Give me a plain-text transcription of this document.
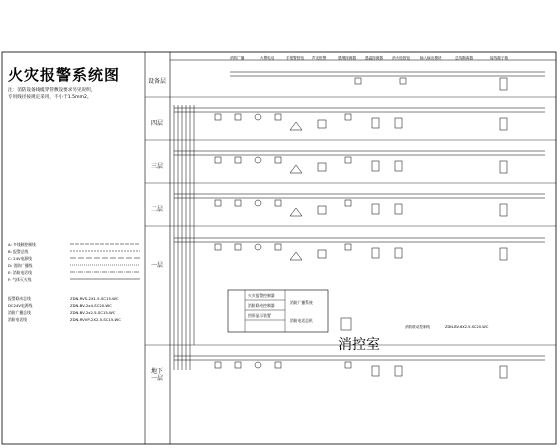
火灾报警系统图
注：消防设备线缆穿管敷设要求另见说明，
专用线径按规定采用，不小于1.5mm2。
设备层
四层
三层
二层
一层
地下
一层
消防广播	火警电话	手报警按钮 声光报警	感烟探测器	感温探测器	消火栓按钮	输入输出模块	总线隔离器	接线端子箱
A: 多线制控制线
B: 报警总线
C: 24V电源线
D: 消防广播线
E: 消防电话线
F: 气体灭火线
报警联动总线	ZDN-RVS-2X1.5-SC15-WC
DC24V电源线	ZDN-BV-2x4-SC20-WC
消防广播总线	ZDN-BV-2x2.5-SC15-WC
消防电话线	ZDN-RVVP-2X2.5-SC15-WC
火灾报警控制器
消防联动控制器
图形显示装置
消防广播系统
消防电话总机
消控室
消防联动控制线	ZDN-BV-6X2.5-SC20-WC
